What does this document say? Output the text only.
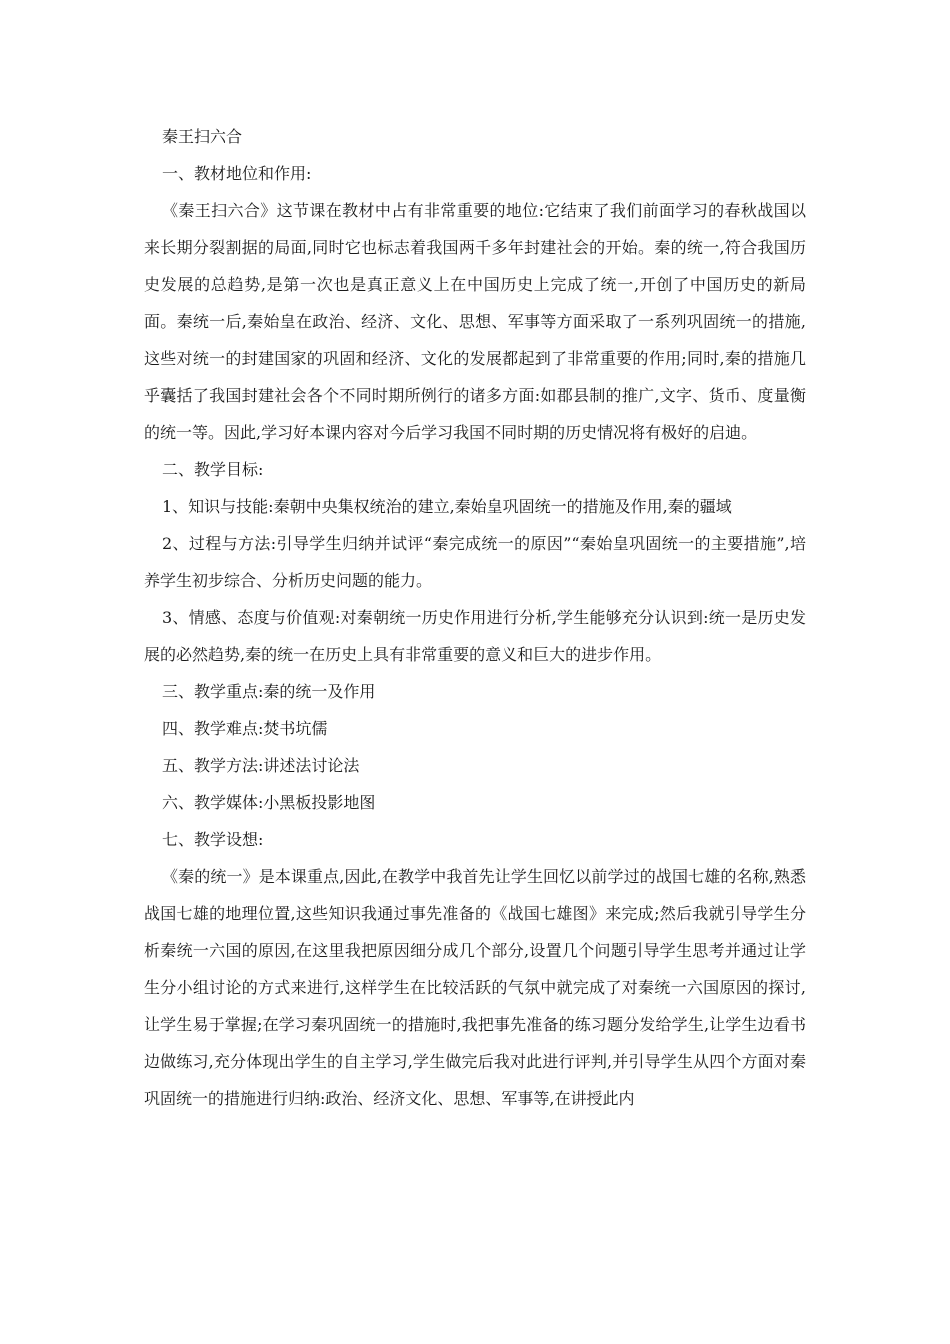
秦王扫六合

一、教材地位和作用:

《秦王扫六合》这节课在教材中占有非常重要的地位:它结束了我们前面学习的春秋战国以来长期分裂割据的局面,同时它也标志着我国两千多年封建社会的开始。秦的统一,符合我国历史发展的总趋势,是第一次也是真正意义上在中国历史上完成了统一,开创了中国历史的新局面。秦统一后,秦始皇在政治、经济、文化、思想、军事等方面采取了一系列巩固统一的措施,这些对统一的封建国家的巩固和经济、文化的发展都起到了非常重要的作用;同时,秦的措施几乎囊括了我国封建社会各个不同时期所例行的诸多方面:如郡县制的推广,文字、货币、度量衡的统一等。因此,学习好本课内容对今后学习我国不同时期的历史情况将有极好的启迪。

二、教学目标:

1、知识与技能:秦朝中央集权统治的建立,秦始皇巩固统一的措施及作用,秦的疆域

2、过程与方法:引导学生归纳并试评“秦完成统一的原因”“秦始皇巩固统一的主要措施”,培养学生初步综合、分析历史问题的能力。

3、情感、态度与价值观:对秦朝统一历史作用进行分析,学生能够充分认识到:统一是历史发展的必然趋势,秦的统一在历史上具有非常重要的意义和巨大的进步作用。

三、教学重点:秦的统一及作用

四、教学难点:焚书坑儒

五、教学方法:讲述法讨论法

六、教学媒体:小黑板投影地图

七、教学设想:

《秦的统一》是本课重点,因此,在教学中我首先让学生回忆以前学过的战国七雄的名称,熟悉战国七雄的地理位置,这些知识我通过事先准备的《战国七雄图》来完成;然后我就引导学生分析秦统一六国的原因,在这里我把原因细分成几个部分,设置几个问题引导学生思考并通过让学生分小组讨论的方式来进行,这样学生在比较活跃的气氛中就完成了对秦统一六国原因的探讨,让学生易于掌握;在学习秦巩固统一的措施时,我把事先准备的练习题分发给学生,让学生边看书边做练习,充分体现出学生的自主学习,学生做完后我对此进行评判,并引导学生从四个方面对秦巩固统一的措施进行归纳:政治、经济文化、思想、军事等,在讲授此内
